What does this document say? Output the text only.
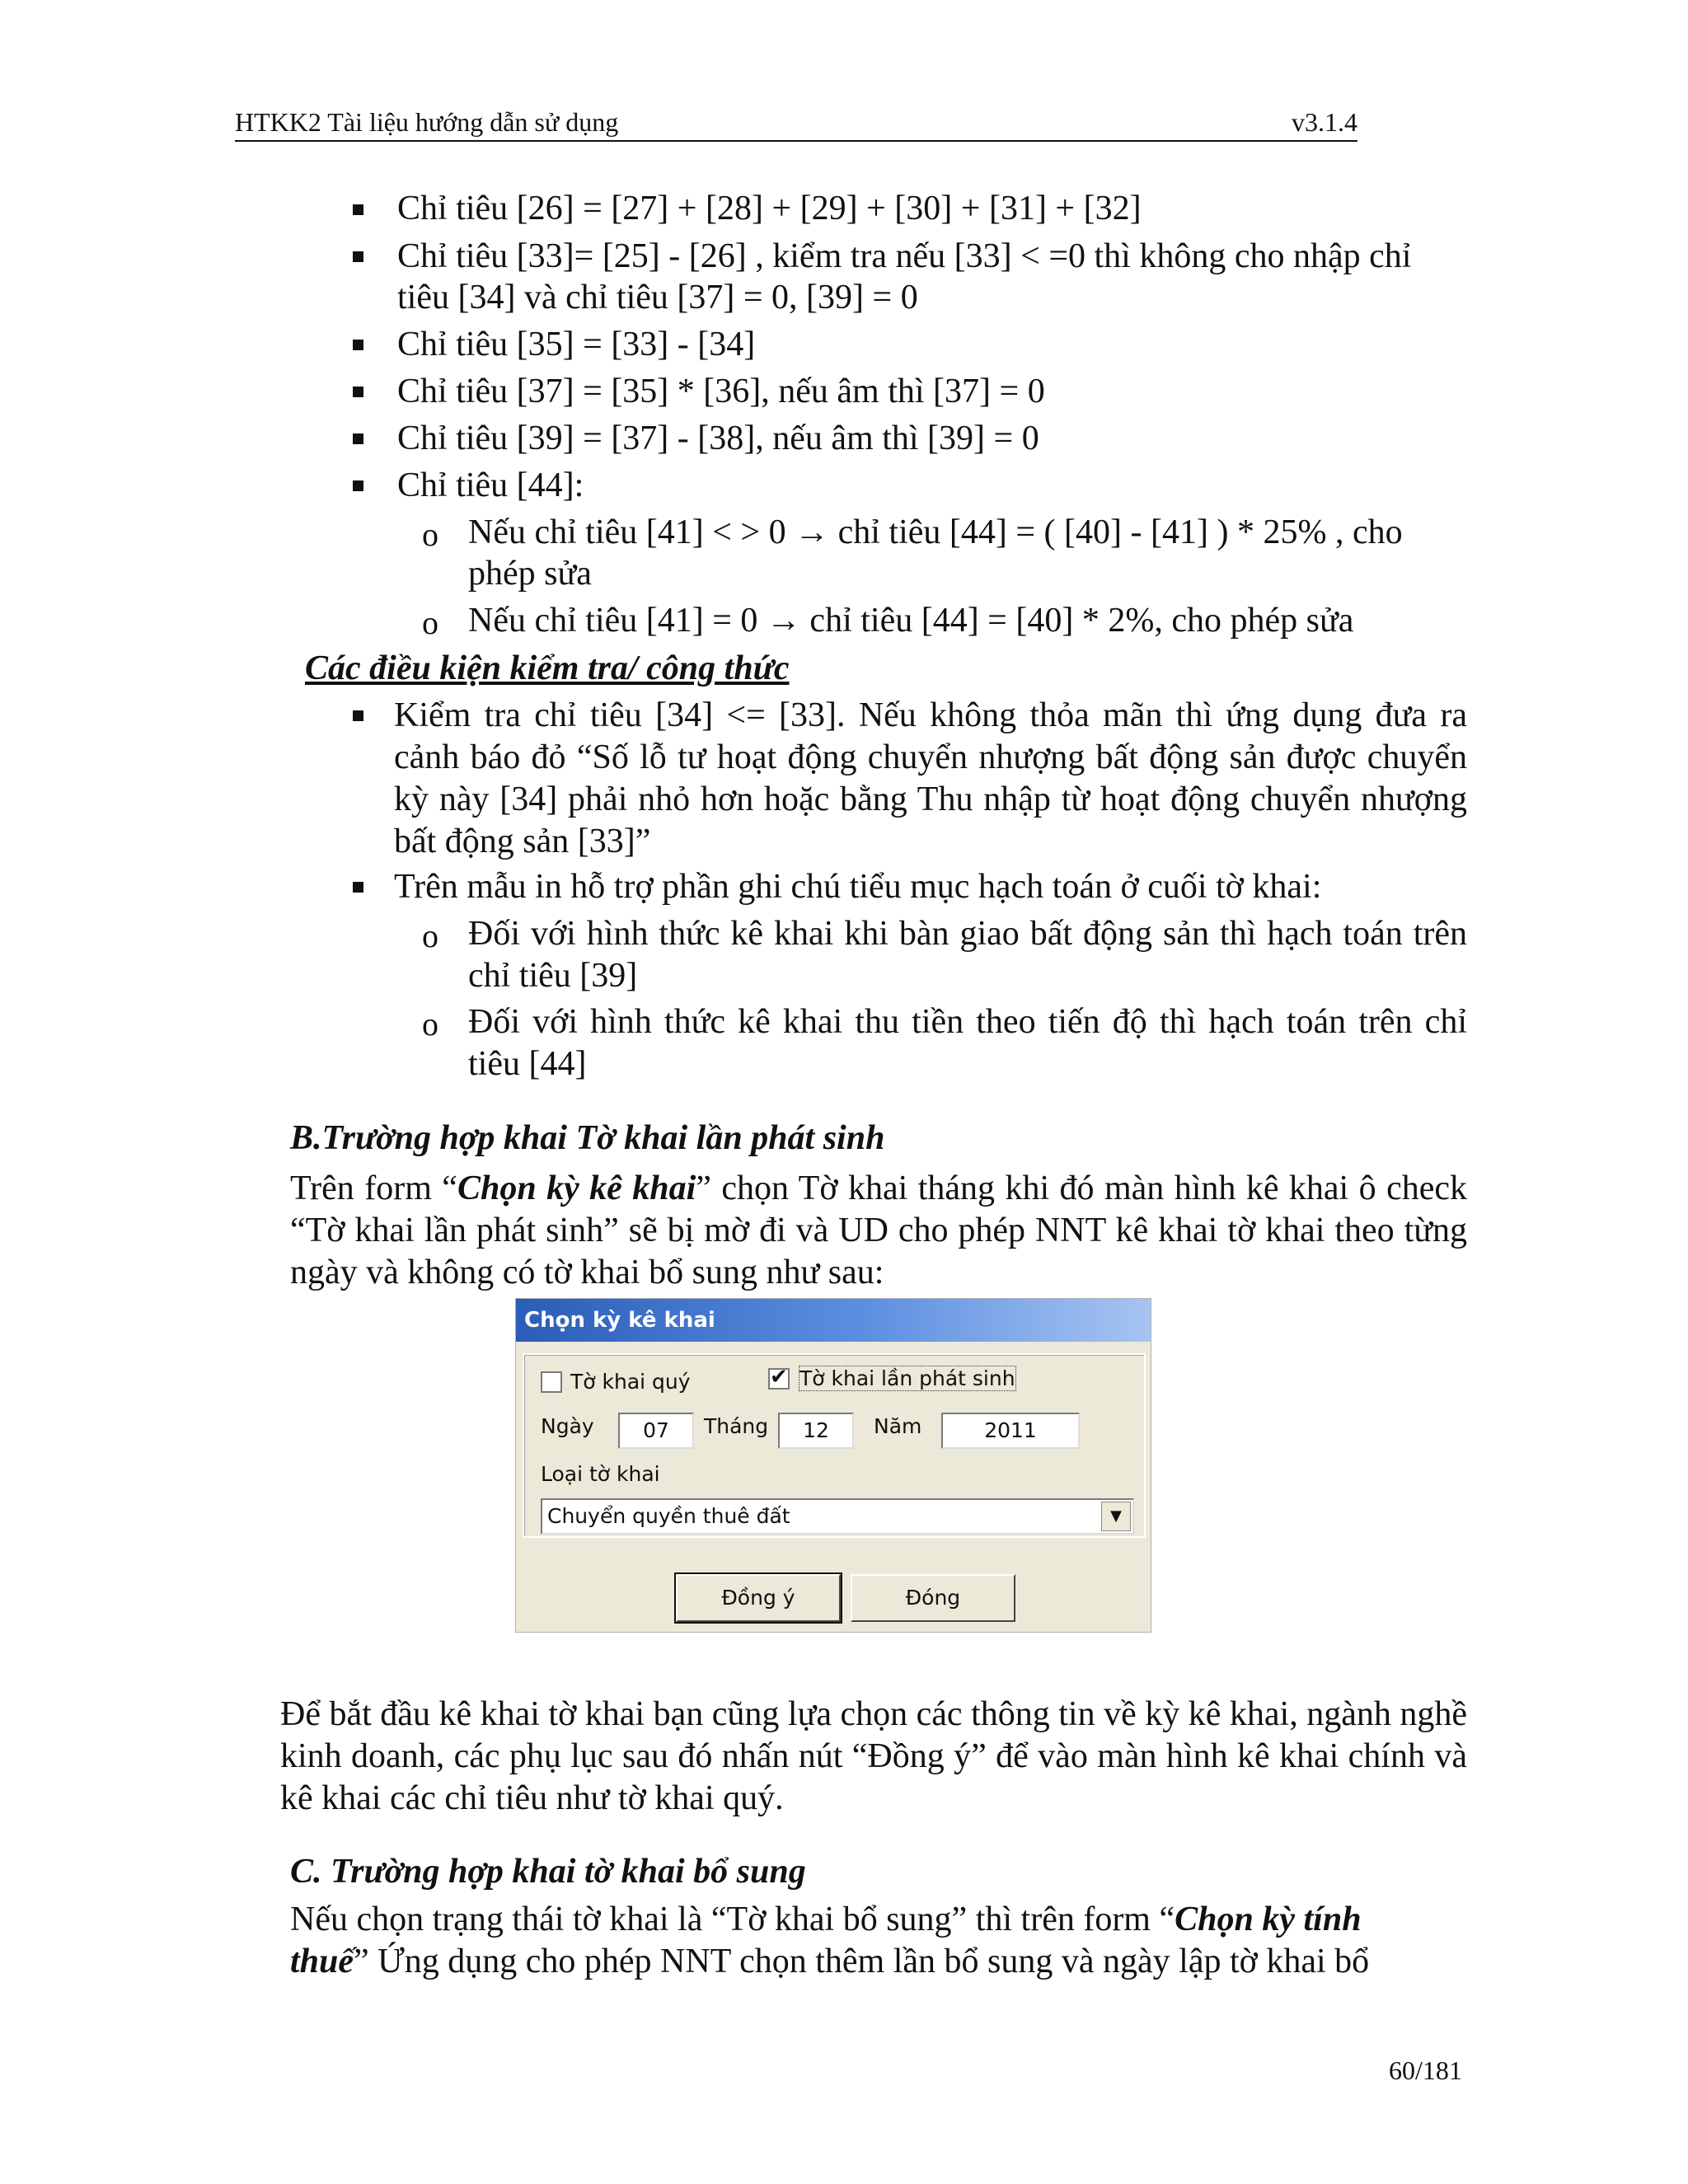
HTKK2 Tài liệu hướng dẫn sử dụng	v3.1.4
Chỉ tiêu [26] = [27] + [28] + [29] + [30] + [31] + [32]
Chỉ tiêu [33]= [25] - [26] , kiểm tra nếu [33] < =0 thì không cho nhập chỉ
tiêu [34] và chỉ tiêu [37] = 0, [39] = 0
Chỉ tiêu [35] = [33] - [34]
Chỉ tiêu [37] = [35] * [36], nếu âm thì [37] = 0
Chỉ tiêu [39] = [37] - [38], nếu âm thì [39] = 0
Chỉ tiêu [44]:
o Nếu chỉ tiêu [41] < > 0 → chỉ tiêu [44] = ( [40] - [41] ) * 25% , cho
phép sửa
o Nếu chỉ tiêu [41] = 0 → chỉ tiêu [44] = [40] * 2%, cho phép sửa
Các điều kiện kiểm tra/ công thức
Kiểm tra chỉ tiêu [34] <= [33]. Nếu không thỏa mãn thì ứng dụng đưa ra cảnh báo đỏ “Số lỗ tư hoạt động chuyển nhượng bất động sản được chuyển kỳ này [34] phải nhỏ hơn hoặc bằng Thu nhập từ hoạt động chuyển nhượng bất động sản [33]”
Trên mẫu in hỗ trợ phần ghi chú tiểu mục hạch toán ở cuối tờ khai:
o Đối với hình thức kê khai khi bàn giao bất động sản thì hạch toán trên chỉ tiêu [39]
o Đối với hình thức kê khai thu tiền theo tiến độ thì hạch toán trên chỉ tiêu [44]
B.Trường hợp khai Tờ khai lần phát sinh
Trên form “Chọn kỳ kê khai” chọn Tờ khai tháng khi đó màn hình kê khai ô check “Tờ khai lần phát sinh” sẽ bị mờ đi và UD cho phép NNT kê khai tờ khai theo từng ngày và không có tờ khai bổ sung như sau:
Chọn kỳ kê khai
Tờ khai quý	✔ Tờ khai lần phát sinh
Ngày	07	Tháng	12	Năm	2011
Loại tờ khai
Chuyển quyền thuê đất	▼
Đồng ý	Đóng
Để bắt đầu kê khai tờ khai bạn cũng lựa chọn các thông tin về kỳ kê khai, ngành nghề kinh doanh, các phụ lục sau đó nhấn nút “Đồng ý” để vào màn hình kê khai chính và kê khai các chỉ tiêu như tờ khai quý.
C. Trường hợp khai tờ khai bổ sung
Nếu chọn trạng thái tờ khai là “Tờ khai bổ sung” thì trên form “Chọn kỳ tính
thuế” Ứng dụng cho phép NNT chọn thêm lần bổ sung và ngày lập tờ khai bổ
60/181
